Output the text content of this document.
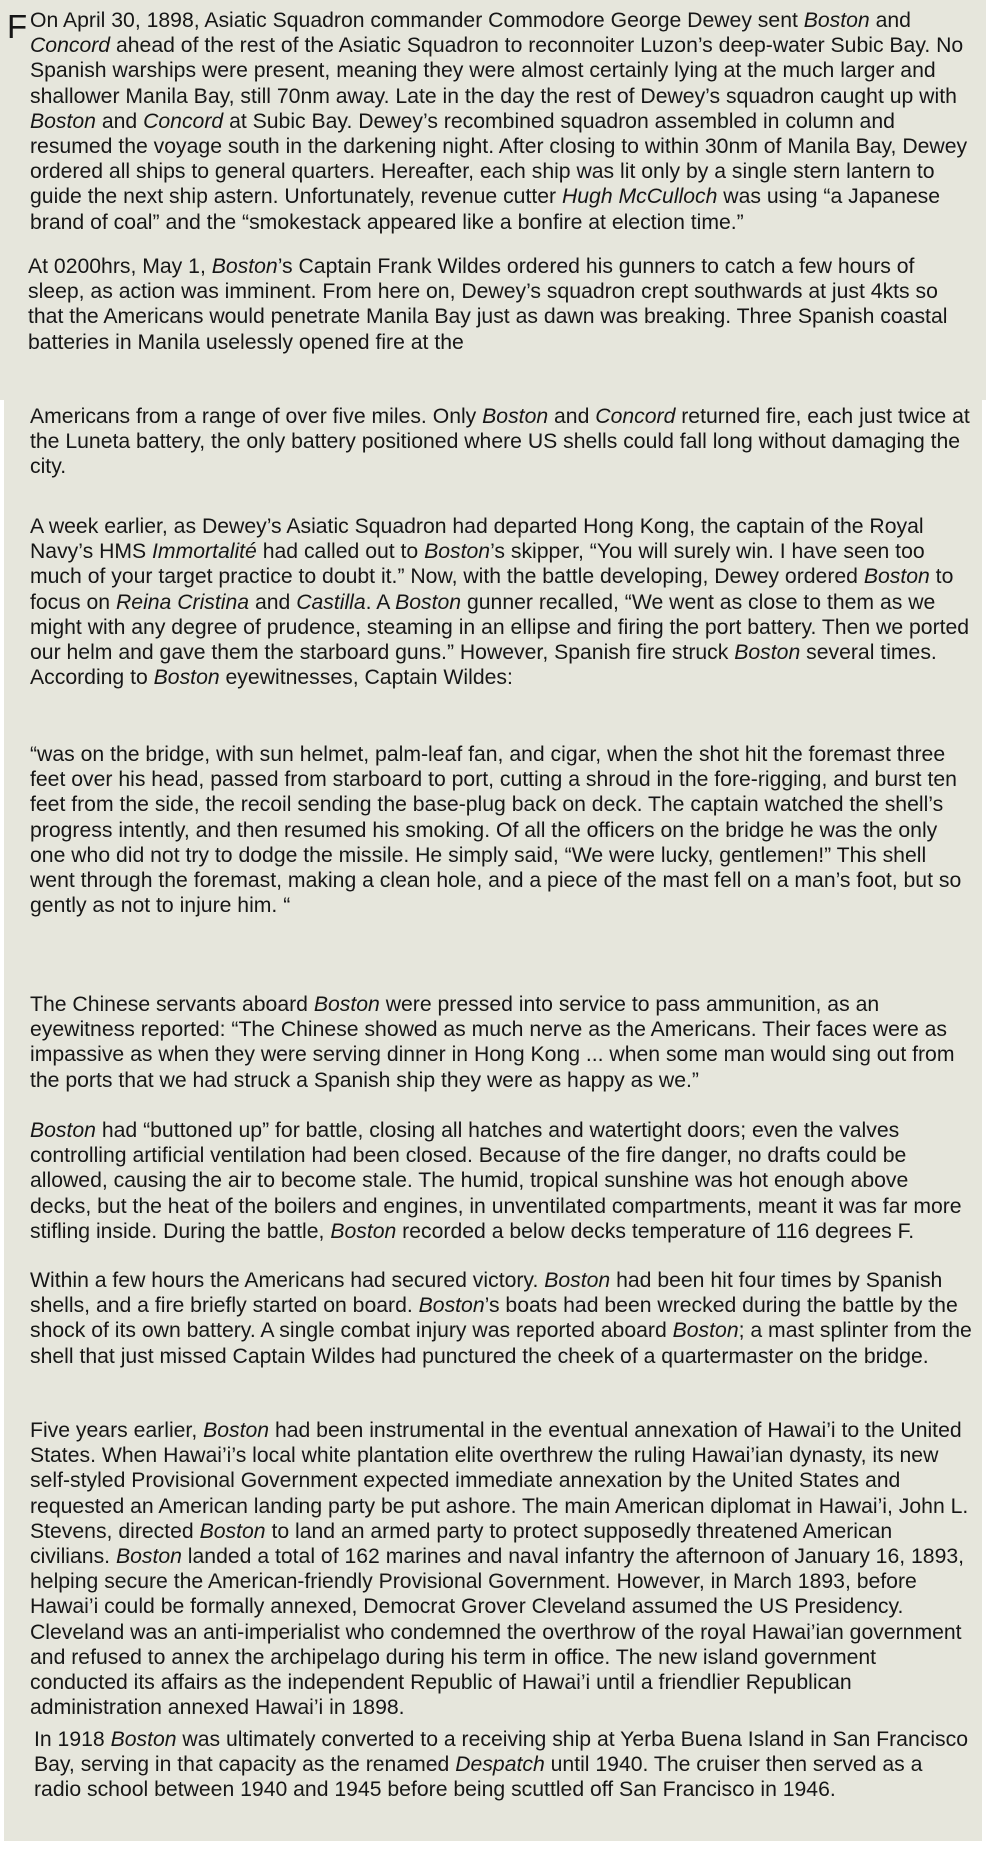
F On April 30, 1898, Asiatic Squadron commander Commodore George Dewey sent Boston and Concord ahead of the rest of the Asiatic Squadron to reconnoiter Luzon’s deep-water Subic Bay. No Spanish warships were present, meaning they were almost certainly lying at the much larger and shallower Manila Bay, still 70nm away. Late in the day the rest of Dewey’s squadron caught up with Boston and Concord at Subic Bay. Dewey’s recombined squadron assembled in column and resumed the voyage south in the darkening night. After closing to within 30nm of Manila Bay, Dewey ordered all ships to general quarters. Hereafter, each ship was lit only by a single stern lantern to guide the next ship astern. Unfortunately, revenue cutter Hugh McCulloch was using “a Japanese brand of coal” and the “smokestack appeared like a bonfire at election time.”

At 0200hrs, May 1, Boston’s Captain Frank Wildes ordered his gunners to catch a few hours of sleep, as action was imminent. From here on, Dewey’s squadron crept southwards at just 4kts so that the Americans would penetrate Manila Bay just as dawn was breaking. Three Spanish coastal batteries in Manila uselessly opened fire at the

Americans from a range of over five miles. Only Boston and Concord returned fire, each just twice at the Luneta battery, the only battery positioned where US shells could fall long without damaging the city.

A week earlier, as Dewey’s Asiatic Squadron had departed Hong Kong, the captain of the Royal Navy’s HMS Immortalité had called out to Boston’s skipper, “You will surely win. I have seen too much of your target practice to doubt it.” Now, with the battle developing, Dewey ordered Boston to focus on Reina Cristina and Castilla. A Boston gunner recalled, “We went as close to them as we might with any degree of prudence, steaming in an ellipse and firing the port battery. Then we ported our helm and gave them the starboard guns.” However, Spanish fire struck Boston several times. According to Boston eyewitnesses, Captain Wildes:

“was on the bridge, with sun helmet, palm-leaf fan, and cigar, when the shot hit the foremast three feet over his head, passed from starboard to port, cutting a shroud in the fore-rigging, and burst ten feet from the side, the recoil sending the base-plug back on deck. The captain watched the shell’s progress intently, and then resumed his smoking. Of all the officers on the bridge he was the only one who did not try to dodge the missile. He simply said, “We were lucky, gentlemen!” This shell went through the foremast, making a clean hole, and a piece of the mast fell on a man’s foot, but so gently as not to injure him. “

The Chinese servants aboard Boston were pressed into service to pass ammunition, as an eyewitness reported: “The Chinese showed as much nerve as the Americans. Their faces were as impassive as when they were serving dinner in Hong Kong ... when some man would sing out from the ports that we had struck a Spanish ship they were as happy as we.”

Boston had “buttoned up” for battle, closing all hatches and watertight doors; even the valves controlling artificial ventilation had been closed. Because of the fire danger, no drafts could be allowed, causing the air to become stale. The humid, tropical sunshine was hot enough above decks, but the heat of the boilers and engines, in unventilated compartments, meant it was far more stifling inside. During the battle, Boston recorded a below decks temperature of 116 degrees F.

Within a few hours the Americans had secured victory. Boston had been hit four times by Spanish shells, and a fire briefly started on board. Boston’s boats had been wrecked during the battle by the shock of its own battery. A single combat injury was reported aboard Boston; a mast splinter from the shell that just missed Captain Wildes had punctured the cheek of a quartermaster on the bridge.

Five years earlier, Boston had been instrumental in the eventual annexation of Hawai’i to the United States. When Hawai’i’s local white plantation elite overthrew the ruling Hawai’ian dynasty, its new self-styled Provisional Government expected immediate annexation by the United States and requested an American landing party be put ashore. The main American diplomat in Hawai’i, John L. Stevens, directed Boston to land an armed party to protect supposedly threatened American civilians. Boston landed a total of 162 marines and naval infantry the afternoon of January 16, 1893, helping secure the American-friendly Provisional Government. However, in March 1893, before Hawai’i could be formally annexed, Democrat Grover Cleveland assumed the US Presidency. Cleveland was an anti-imperialist who condemned the overthrow of the royal Hawai’ian government and refused to annex the archipelago during his term in office. The new island government conducted its affairs as the independent Republic of Hawai’i until a friendlier Republican administration annexed Hawai’i in 1898.

In 1918 Boston was ultimately converted to a receiving ship at Yerba Buena Island in San Francisco Bay, serving in that capacity as the renamed Despatch until 1940. The cruiser then served as a radio school between 1940 and 1945 before being scuttled off San Francisco in 1946.
